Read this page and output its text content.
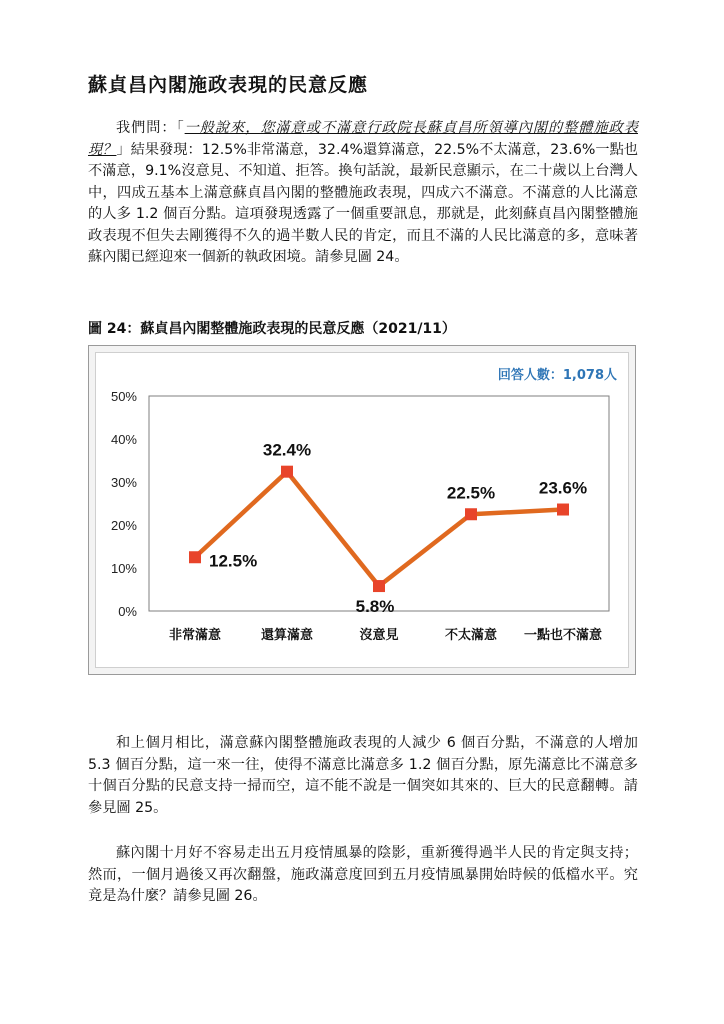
蘇貞昌內閣施政表現的民意反應

我們問：「一般說來，您滿意或不滿意行政院長蘇貞昌所領導內閣的整體施政表現？」結果發現：12.5%非常滿意，32.4%還算滿意，22.5%不太滿意，23.6%一點也不滿意，9.1%沒意見、不知道、拒答。換句話說，最新民意顯示，在二十歲以上台灣人中，四成五基本上滿意蘇貞昌內閣的整體施政表現，四成六不滿意。不滿意的人比滿意的人多 1.2 個百分點。這項發現透露了一個重要訊息，那就是，此刻蘇貞昌內閣整體施政表現不但失去剛獲得不久的過半數人民的肯定，而且不滿的人民比滿意的多，意味著蘇內閣已經迎來一個新的執政困境。請參見圖 24。

圖 24：蘇貞昌內閣整體施政表現的民意反應（2021/11）

回答人數：1,078人
0%
10%
20%
30%
40%
50%
非常滿意	還算滿意	沒意見	不太滿意 一點也不滿意
12.5%
32.4%
5.8%
22.5%	23.6%

和上個月相比，滿意蘇內閣整體施政表現的人減少 6 個百分點，不滿意的人增加 5.3 個百分點，這一來一往，使得不滿意比滿意多 1.2 個百分點，原先滿意比不滿意多十個百分點的民意支持一掃而空，這不能不說是一個突如其來的、巨大的民意翻轉。請參見圖 25。

蘇內閣十月好不容易走出五月疫情風暴的陰影，重新獲得過半人民的肯定與支持；然而，一個月過後又再次翻盤，施政滿意度回到五月疫情風暴開始時候的低檔水平。究竟是為什麼？請參見圖 26。
